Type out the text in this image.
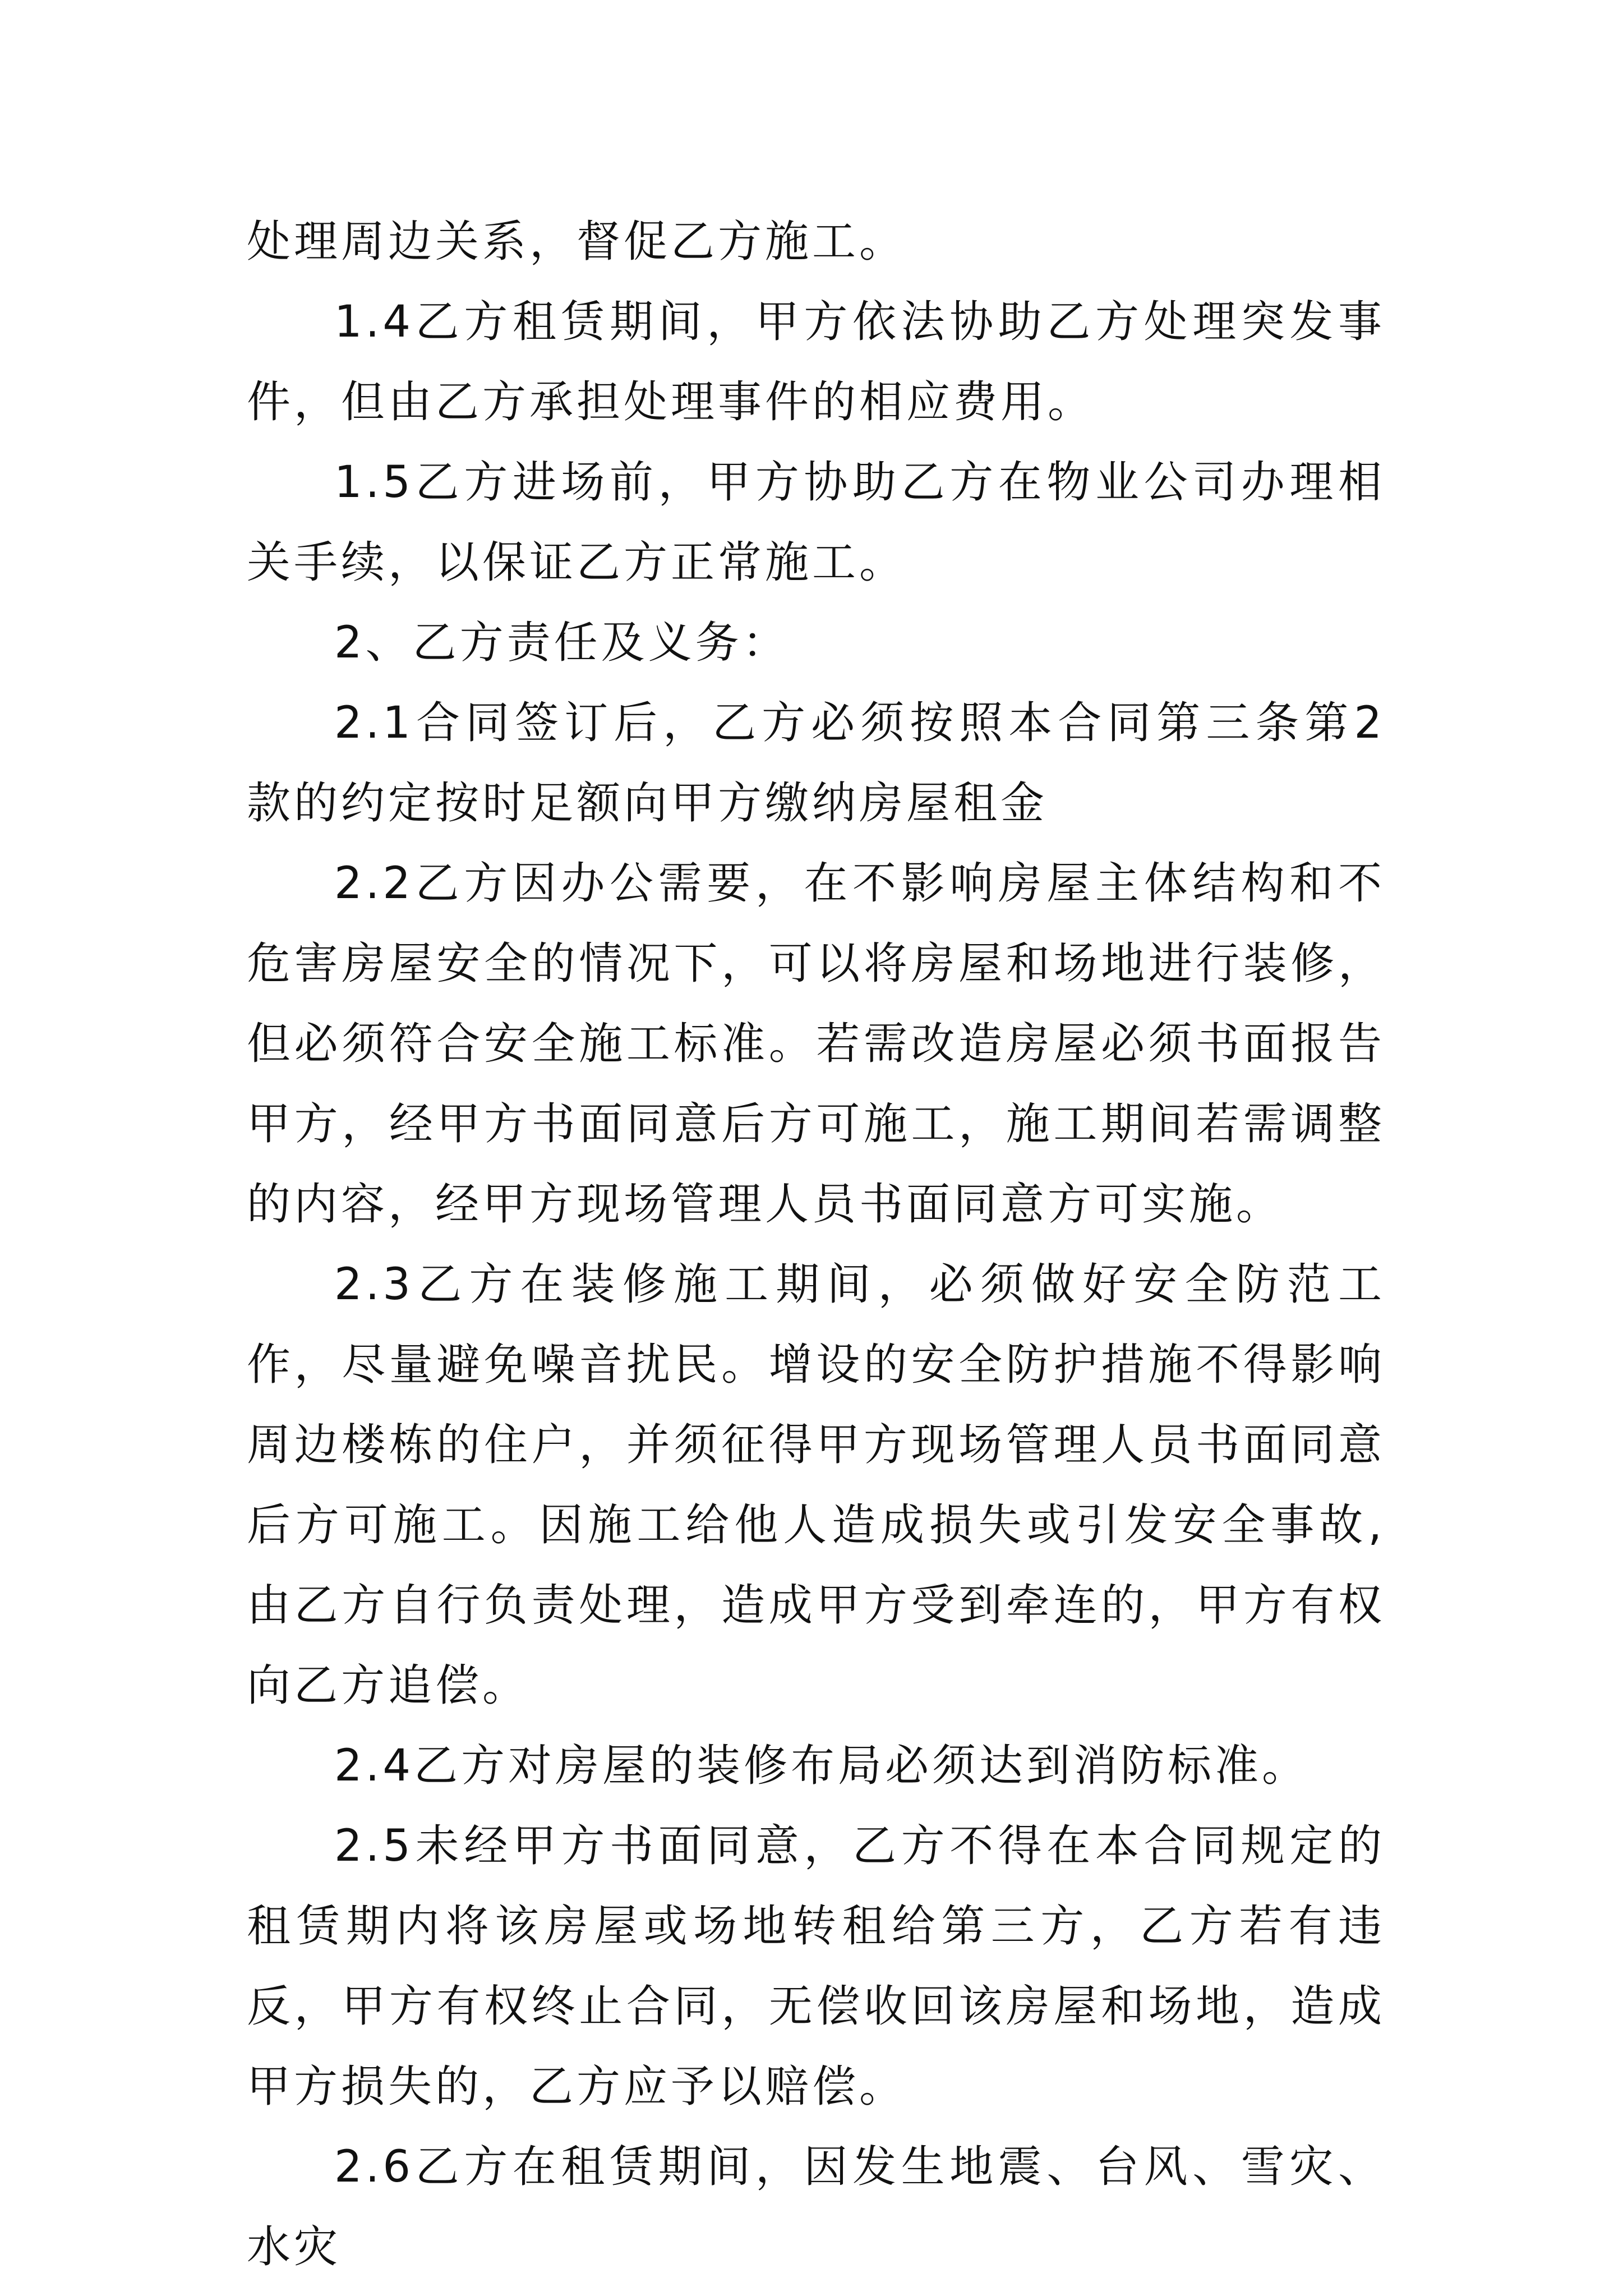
处理周边关系，督促乙方施工。

1.4乙方租赁期间，甲方依法协助乙方处理突发事件，但由乙方承担处理事件的相应费用。

1.5乙方进场前，甲方协助乙方在物业公司办理相关手续，以保证乙方正常施工。

2、乙方责任及义务：

2.1合同签订后，乙方必须按照本合同第三条第2款的约定按时足额向甲方缴纳房屋租金

2.2乙方因办公需要，在不影响房屋主体结构和不危害房屋安全的情况下，可以将房屋和场地进行装修，但必须符合安全施工标准。若需改造房屋必须书面报告甲方，经甲方书面同意后方可施工，施工期间若需调整的内容，经甲方现场管理人员书面同意方可实施。

2.3乙方在装修施工期间，必须做好安全防范工作，尽量避免噪音扰民。增设的安全防护措施不得影响周边楼栋的住户，并须征得甲方现场管理人员书面同意后方可施工。因施工给他人造成损失或引发安全事故,由乙方自行负责处理，造成甲方受到牵连的，甲方有权向乙方追偿。

2.4乙方对房屋的装修布局必须达到消防标准。

2.5未经甲方书面同意，乙方不得在本合同规定的租赁期内将该房屋或场地转租给第三方，乙方若有违反，甲方有权终止合同，无偿收回该房屋和场地，造成甲方损失的，乙方应予以赔偿。

2.6乙方在租赁期间，因发生地震、台风、雪灾、水灾
